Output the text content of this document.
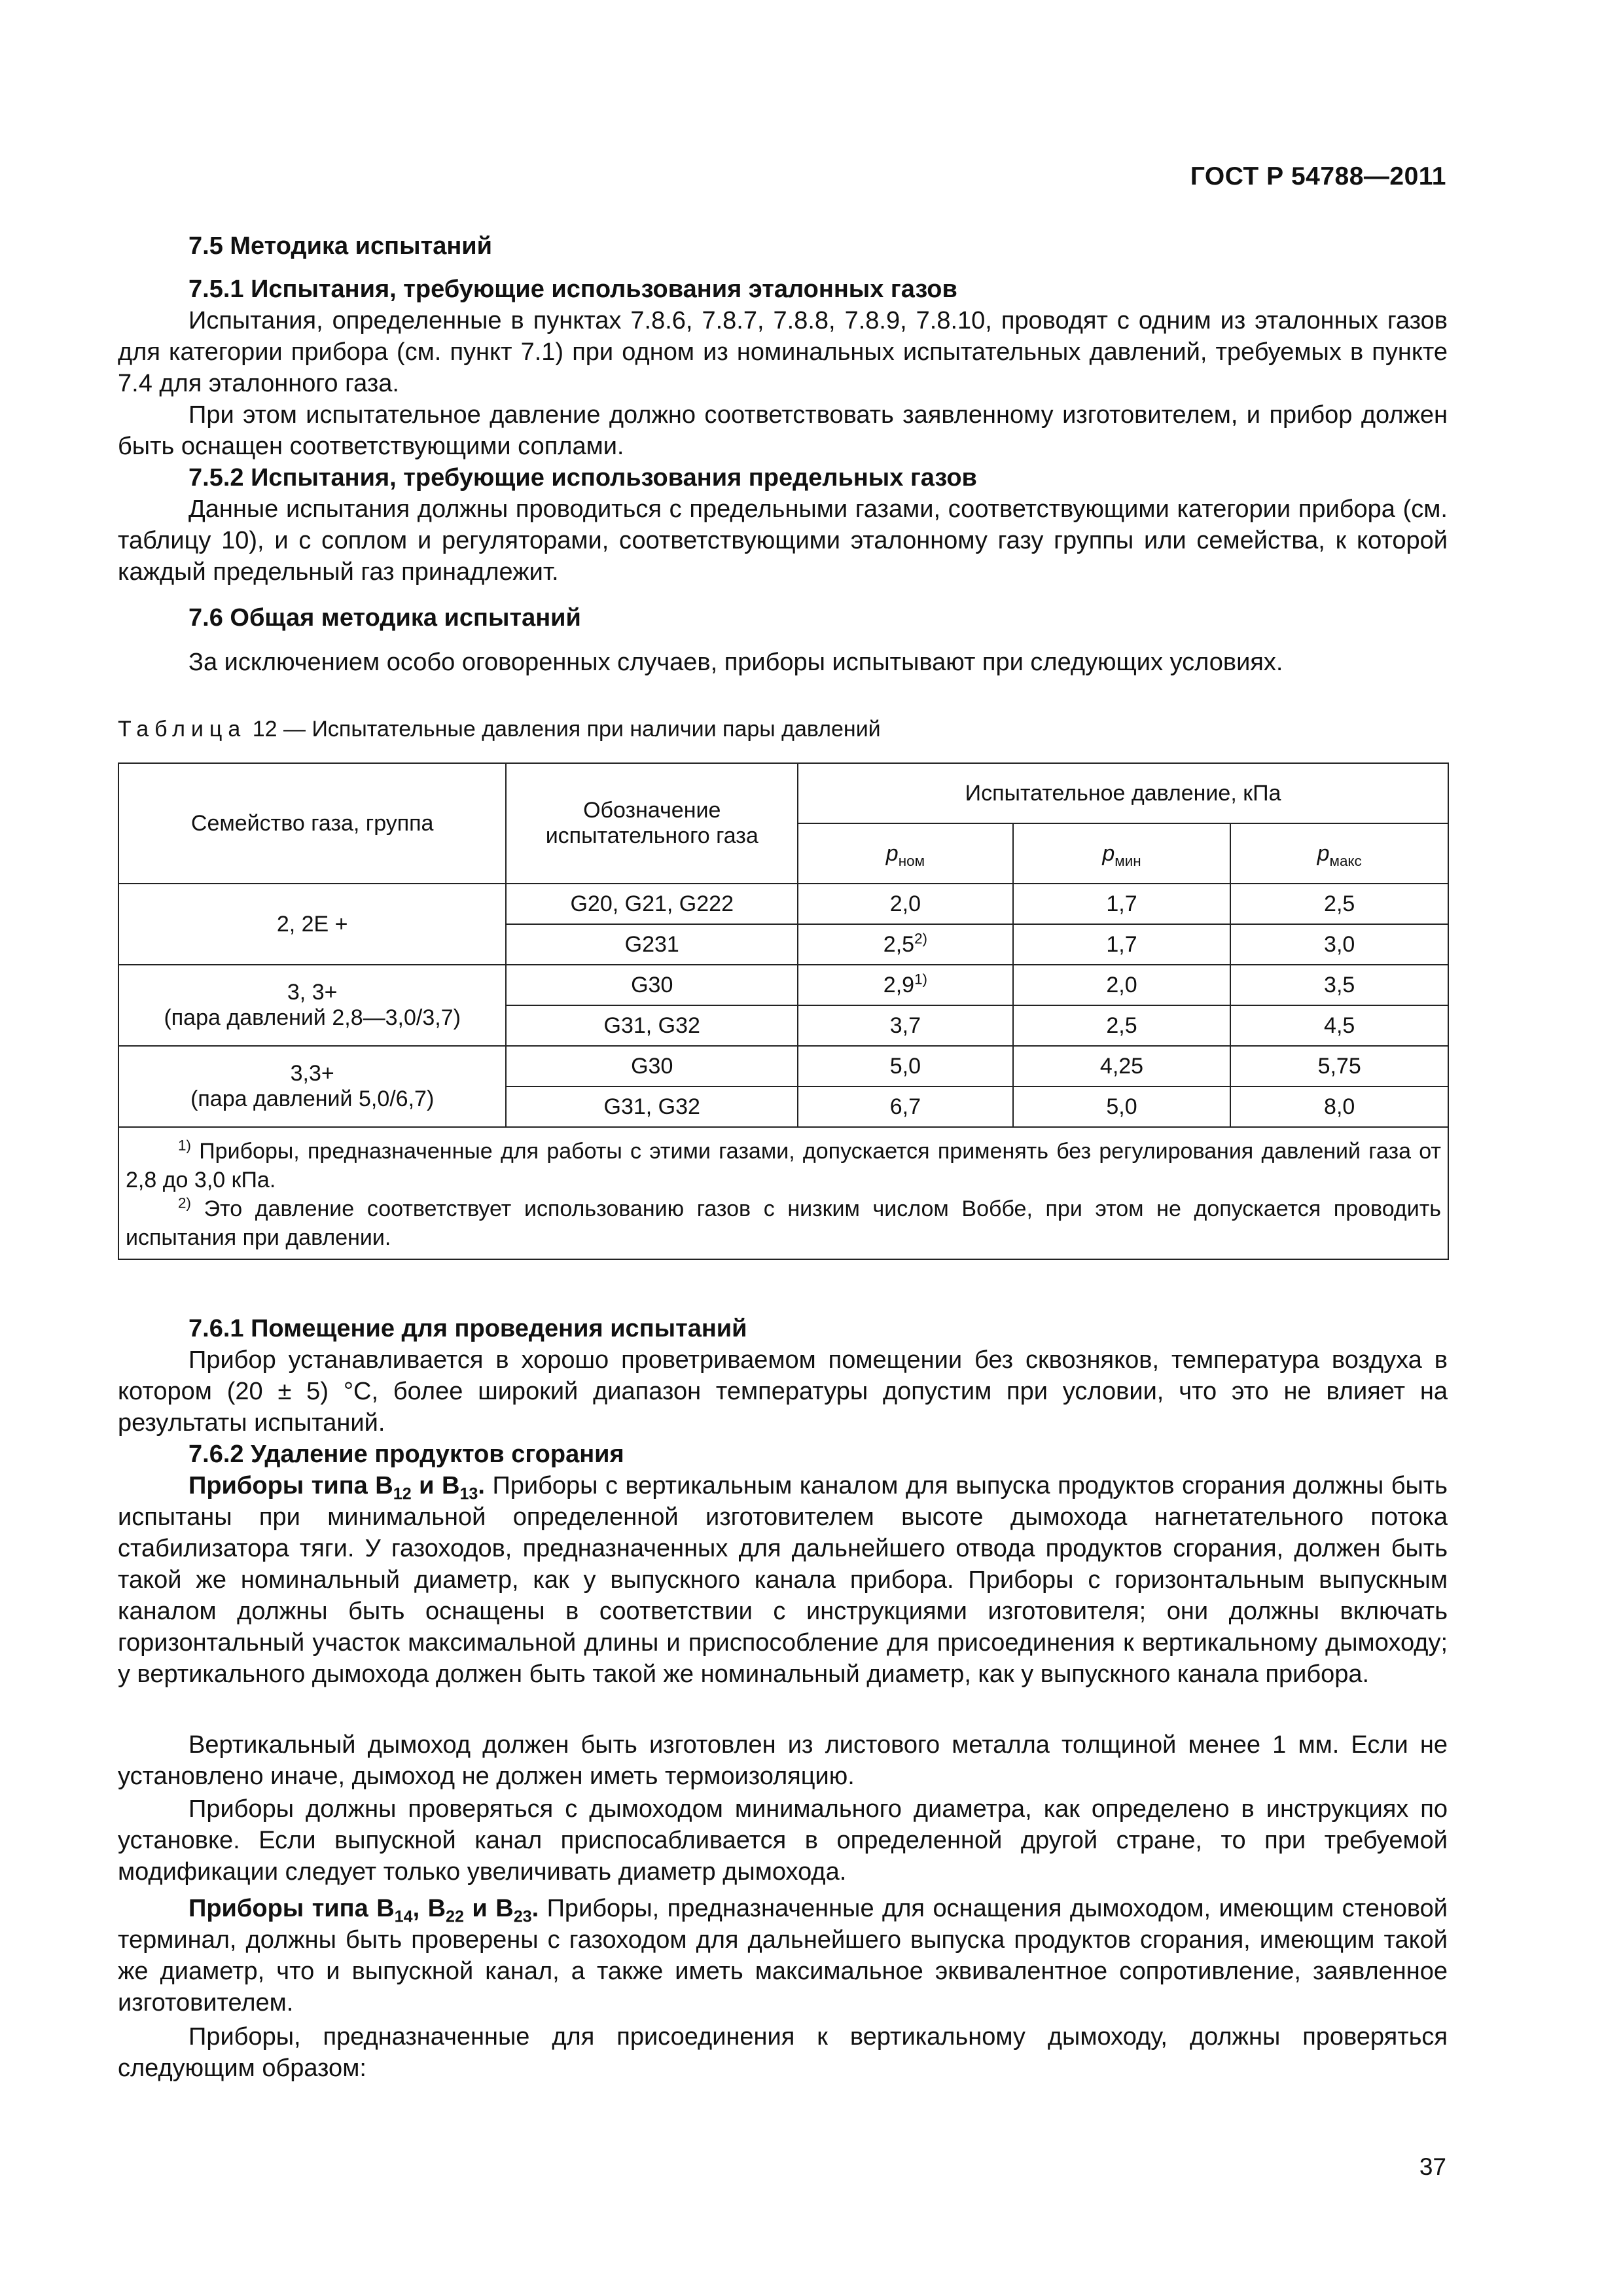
ГОСТ Р 54788—2011

7.5 Методика испытаний

7.5.1 Испытания, требующие использования эталонных газов

Испытания, определенные в пунктах 7.8.6, 7.8.7, 7.8.8, 7.8.9, 7.8.10, проводят с одним из эталонных газов для категории прибора (см. пункт 7.1) при одном из номинальных испытательных давлений, требуемых в пункте 7.4 для эталонного газа.

При этом испытательное давление должно соответствовать заявленному изготовителем, и прибор должен быть оснащен соответствующими соплами.

7.5.2 Испытания, требующие использования предельных газов

Данные испытания должны проводиться с предельными газами, соответствующими категории прибора (см. таблицу 10), и с соплом и регуляторами, соответствующими эталонному газу группы или семейства, к которой каждый предельный газ принадлежит.

7.6 Общая методика испытаний

За исключением особо оговоренных случаев, приборы испытывают при следующих условиях.

Таблица 12 — Испытательные давления при наличии пары давлений
Семейство газа, группа	Обозначение испытательного газа	Испытательное давление, кПа		
		$p_{ном}$	$p_{мин}$	$p_{макс}$
2, 2E +	G20, G21, G222	2,0	1,7	2,5
	G231	2,5$^{2)}$	1,7	3,0

3, 3+
(пара давлений 2,8—3,0/3,7)	G30	2,9$^{1)}$	2,0	3,5
	G31, G32	3,7	2,5	4,5

3,3+
(пара давлений 5,0/6,7)	G30	5,0	4,25	5,75
	G31, G32	6,7	5,0	8,0

$^{1)}$ Приборы, предназначенные для работы с этими газами, допускается применять без регулирования давлений газа от 2,8 до 3,0 кПа.

$^{2)}$ Это давление соответствует использованию газов с низким числом Воббе, при этом не допускается проводить испытания при давлении.				

7.6.1 Помещение для проведения испытаний

Прибор устанавливается в хорошо проветриваемом помещении без сквозняков, температура воздуха в котором (20 ± 5) °С, более широкий диапазон температуры допустим при условии, что это не влияет на результаты испытаний.

7.6.2 Удаление продуктов сгорания

Приборы типа $B_{12}$ и $B_{13}$. Приборы с вертикальным каналом для выпуска продуктов сгорания должны быть испытаны при минимальной определенной изготовителем высоте дымохода нагнетательного потока стабилизатора тяги. У газоходов, предназначенных для дальнейшего отвода продуктов сгорания, должен быть такой же номинальный диаметр, как у выпускного канала прибора. Приборы с горизонтальным выпускным каналом должны быть оснащены в соответствии с инструкциями изготовителя; они должны включать горизонтальный участок максимальной длины и приспособление для присоединения к вертикальному дымоходу; у вертикального дымохода должен быть такой же номинальный диаметр, как у выпускного канала прибора.

Вертикальный дымоход должен быть изготовлен из листового металла толщиной менее 1 мм. Если не установлено иначе, дымоход не должен иметь термоизоляцию.

Приборы должны проверяться с дымоходом минимального диаметра, как определено в инструкциях по установке. Если выпускной канал приспосабливается в определенной другой стране, то при требуемой модификации следует только увеличивать диаметр дымохода.

Приборы типа $B_{14}$, $B_{22}$ и $B_{23}$. Приборы, предназначенные для оснащения дымоходом, имеющим стеновой терминал, должны быть проверены с газоходом для дальнейшего выпуска продуктов сгорания, имеющим такой же диаметр, что и выпускной канал, а также иметь максимальное эквивалентное сопротивление, заявленное изготовителем.

Приборы, предназначенные для присоединения к вертикальному дымоходу, должны проверяться следующим образом:

37
